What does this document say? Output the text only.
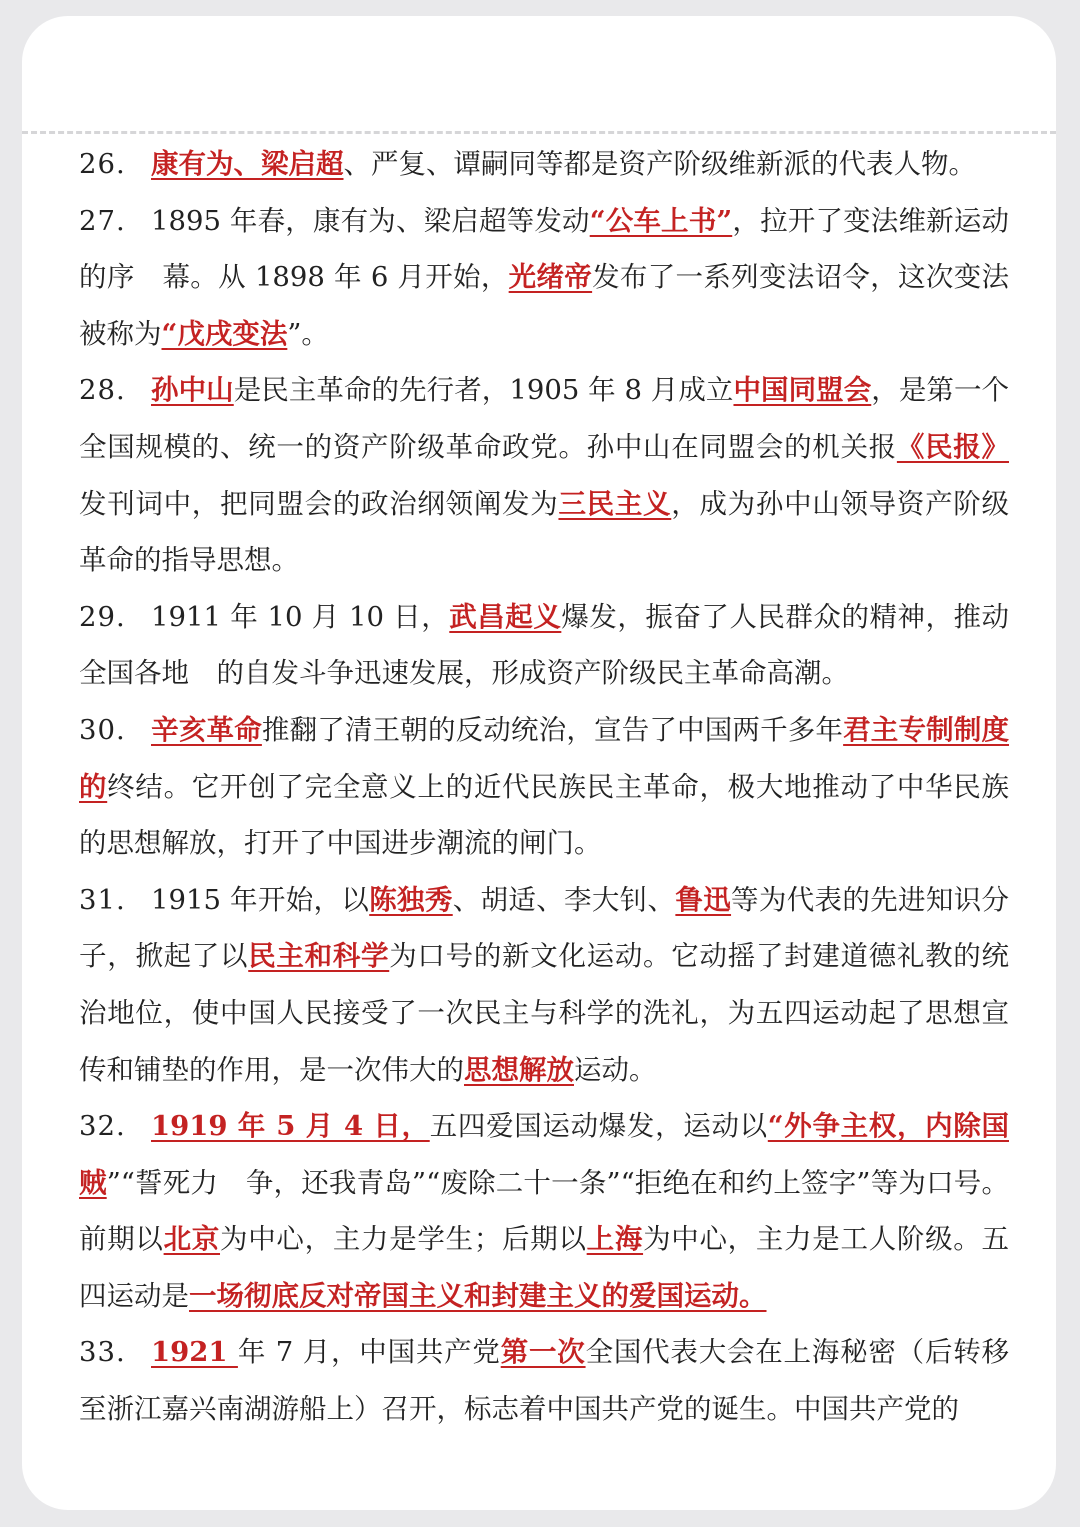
26. 康有为、梁启超、严复、谭嗣同等都是资产阶级维新派的代表人物。

27. 1895 年春，康有为、梁启超等发动“公车上书”，拉开了变法维新运动的序　幕。从 1898 年 6 月开始，光绪帝发布了一系列变法诏令，这次变法被称为“戊戌变法”。

28. 孙中山是民主革命的先行者，1905 年 8 月成立中国同盟会，是第一个全国规模的、统一的资产阶级革命政党。孙中山在同盟会的机关报《民报》发刊词中，把同盟会的政治纲领阐发为三民主义，成为孙中山领导资产阶级革命的指导思想。

29. 1911 年 10 月 10 日，武昌起义爆发，振奋了人民群众的精神，推动全国各地　的自发斗争迅速发展，形成资产阶级民主革命高潮。

30. 辛亥革命推翻了清王朝的反动统治，宣告了中国两千多年君主专制制度的终结。它开创了完全意义上的近代民族民主革命，极大地推动了中华民族的思想解放，打开了中国进步潮流的闸门。

31. 1915 年开始，以陈独秀、胡适、李大钊、鲁迅等为代表的先进知识分子，掀起了以民主和科学为口号的新文化运动。它动摇了封建道德礼教的统治地位，使中国人民接受了一次民主与科学的洗礼，为五四运动起了思想宣传和铺垫的作用，是一次伟大的思想解放运动。

32. 1919 年 5 月 4 日，五四爱国运动爆发，运动以“外争主权，内除国贼”“誓死力　争，还我青岛”“废除二十一条”“拒绝在和约上签字”等为口号。前期以北京为中心，主力是学生；后期以上海为中心，主力是工人阶级。五四运动是一场彻底反对帝国主义和封建主义的爱国运动。

33. 1921 年 7 月，中国共产党第一次全国代表大会在上海秘密（后转移至浙江嘉兴南湖游船上）召开，标志着中国共产党的诞生。中国共产党的
